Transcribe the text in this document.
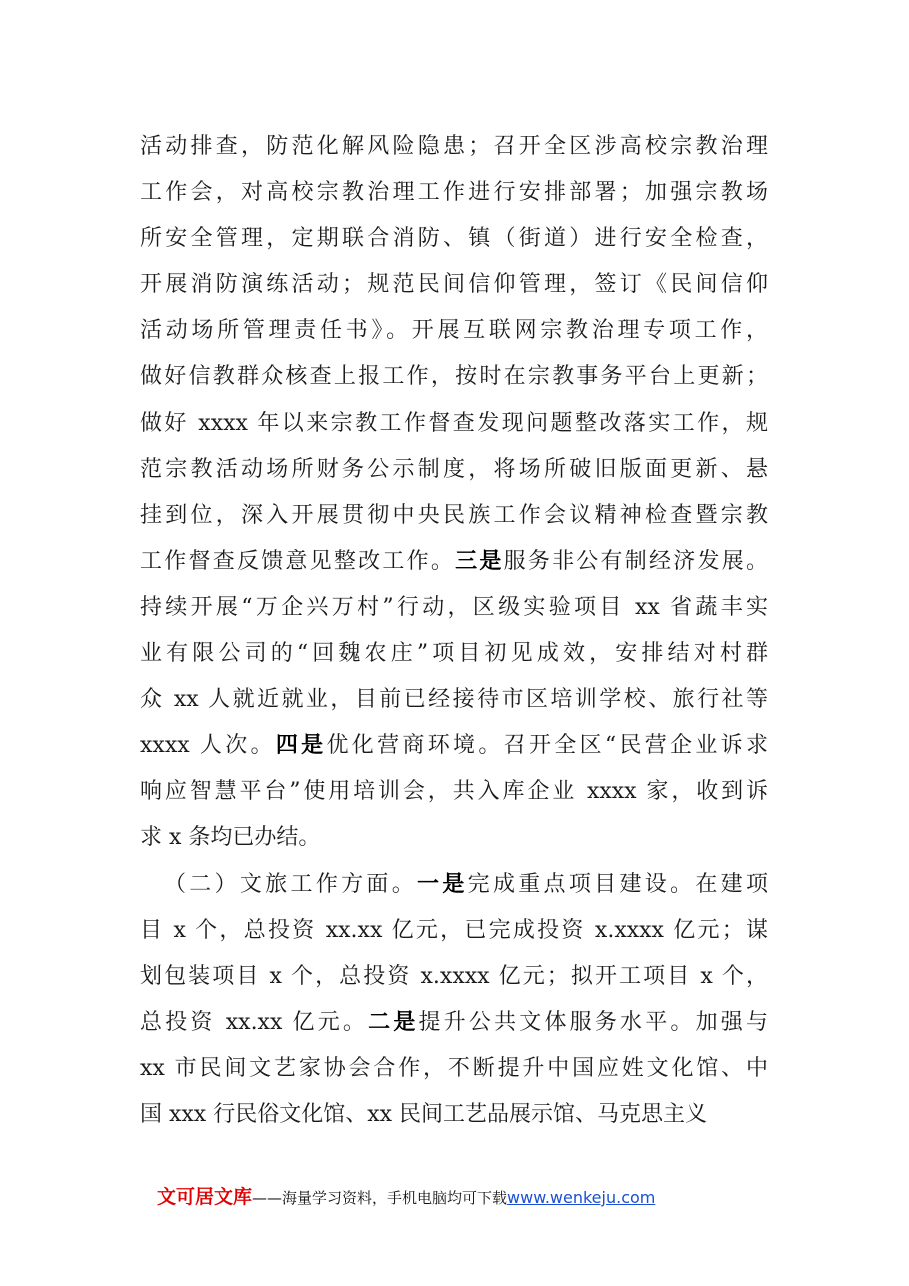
活动排查，防范化解风险隐患；召开全区涉高校宗教治理
工作会，对高校宗教治理工作进行安排部署；加强宗教场
所安全管理，定期联合消防、镇（街道）进行安全检查，
开展消防演练活动；规范民间信仰管理，签订《民间信仰
活动场所管理责任书》。开展互联网宗教治理专项工作，
做好信教群众核查上报工作，按时在宗教事务平台上更新；
做好 xxxx 年以来宗教工作督查发现问题整改落实工作，规
范宗教活动场所财务公示制度，将场所破旧版面更新、悬
挂到位，深入开展贯彻中央民族工作会议精神检查暨宗教
工作督查反馈意见整改工作。三是服务非公有制经济发展。
持续开展“万企兴万村”行动，区级实验项目 xx 省蔬丰实
业有限公司的“回魏农庄”项目初见成效，安排结对村群
众 xx 人就近就业，目前已经接待市区培训学校、旅行社等
xxxx 人次。四是优化营商环境。召开全区“民营企业诉求
响应智慧平台”使用培训会，共入库企业 xxxx 家，收到诉
求 x 条均已办结。
（二）文旅工作方面。一是完成重点项目建设。在建项
目 x 个，总投资 xx.xx 亿元，已完成投资 x.xxxx 亿元；谋
划包装项目 x 个，总投资 x.xxxx 亿元；拟开工项目 x 个，
总投资 xx.xx 亿元。二是提升公共文体服务水平。加强与
xx 市民间文艺家协会合作，不断提升中国应姓文化馆、中
国 xxx 行民俗文化馆、xx 民间工艺品展示馆、马克思主义
文可居文库——海量学习资料，手机电脑均可下载www.wenkeju.com
